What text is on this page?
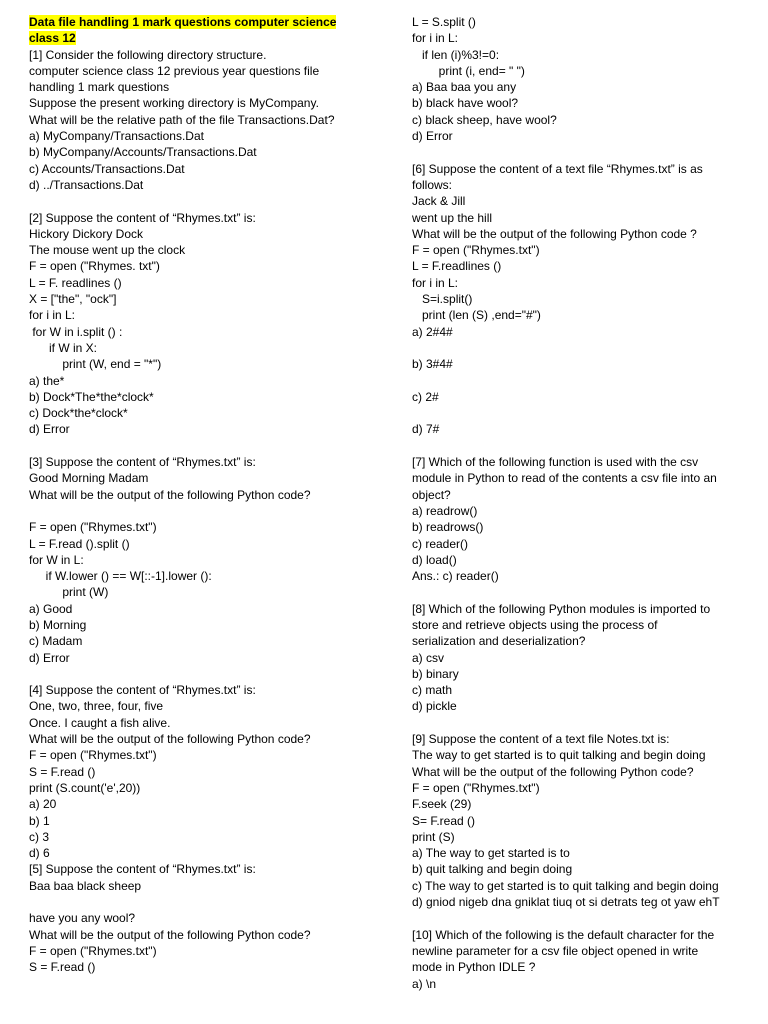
Data file handling 1 mark questions computer science class 12
[1] Consider the following directory structure.
computer science class 12 previous year questions file
handling 1 mark questions
Suppose the present working directory is MyCompany.
What will be the relative path of the file Transactions.Dat?
a) MyCompany/Transactions.Dat
b) MyCompany/Accounts/Transactions.Dat
c) Accounts/Transactions.Dat
d) ../Transactions.Dat
[2] Suppose the content of “Rhymes.txt” is:
Hickory Dickory Dock
The mouse went up the clock
F = open ("Rhymes. txt")
L = F. readlines ()
X = ["the", "ock"]
for i in L:
for W in i.split () :
if W in X:
print (W, end = "*")
a) the*
b) Dock*The*the*clock*
c) Dock*the*clock*
d) Error
[3] Suppose the content of “Rhymes.txt” is:
Good Morning Madam
What will be the output of the following Python code?
F = open ("Rhymes.txt")
L = F.read ().split ()
for W in L:
if W.lower () == W[::-1].lower ():
print (W)
a) Good
b) Morning
c) Madam
d) Error
[4] Suppose the content of “Rhymes.txt” is:
One, two, three, four, five
Once. I caught a fish alive.
What will be the output of the following Python code?
F = open ("Rhymes.txt")
S = F.read ()
print (S.count('e',20))
a) 20
b) 1
c) 3
d) 6
[5] Suppose the content of “Rhymes.txt” is:
Baa baa black sheep
have you any wool?
What will be the output of the following Python code?
F = open ("Rhymes.txt")
S = F.read ()
L = S.split ()
for i in L:
if len (i)%3!=0:
print (i, end= " ")
a) Baa baa you any
b) black have wool?
c) black sheep, have wool?
d) Error
[6] Suppose the content of a text file “Rhymes.txt” is as
follows:
Jack & Jill
went up the hill
What will be the output of the following Python code ?
F = open ("Rhymes.txt")
L = F.readlines ()
for i in L:
S=i.split()
print (len (S) ,end="#")
a) 2#4#
b) 3#4#
c) 2#
d) 7#
[7] Which of the following function is used with the csv
module in Python to read of the contents a csv file into an
object?
a) readrow()
b) readrows()
c) reader()
d) load()
Ans.: c) reader()
[8] Which of the following Python modules is imported to
store and retrieve objects using the process of
serialization and deserialization?
a) csv
b) binary
c) math
d) pickle
[9] Suppose the content of a text file Notes.txt is:
The way to get started is to quit talking and begin doing
What will be the output of the following Python code?
F = open ("Rhymes.txt")
F.seek (29)
S= F.read ()
print (S)
a) The way to get started is to
b) quit talking and begin doing
c) The way to get started is to quit talking and begin doing
d) gniod nigeb dna gniklat tiuq ot si detrats teg ot yaw ehT
[10] Which of the following is the default character for the
newline parameter for a csv file object opened in write
mode in Python IDLE ?
a) \n
